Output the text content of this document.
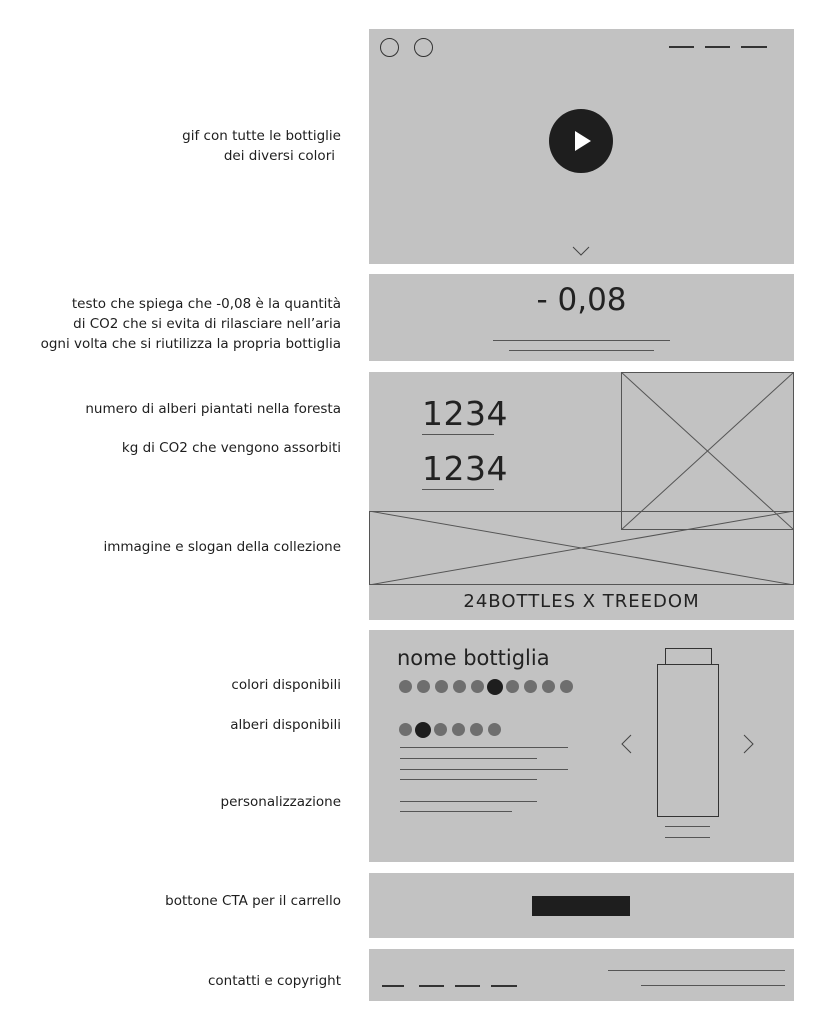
gif con tutte le bottiglie
dei diversi colori
testo che spiega che -0,08 è la quantità
di CO2 che si evita di rilasciare nell’aria
ogni volta che si riutilizza la propria bottiglia
numero di alberi piantati nella foresta
kg di CO2 che vengono assorbiti
immagine e slogan della collezione
colori disponibili
alberi disponibili
personalizzazione
bottone CTA per il carrello
contatti e copyright
- 0,08
1234
1234
24BOTTLES X TREEDOM
nome bottiglia
